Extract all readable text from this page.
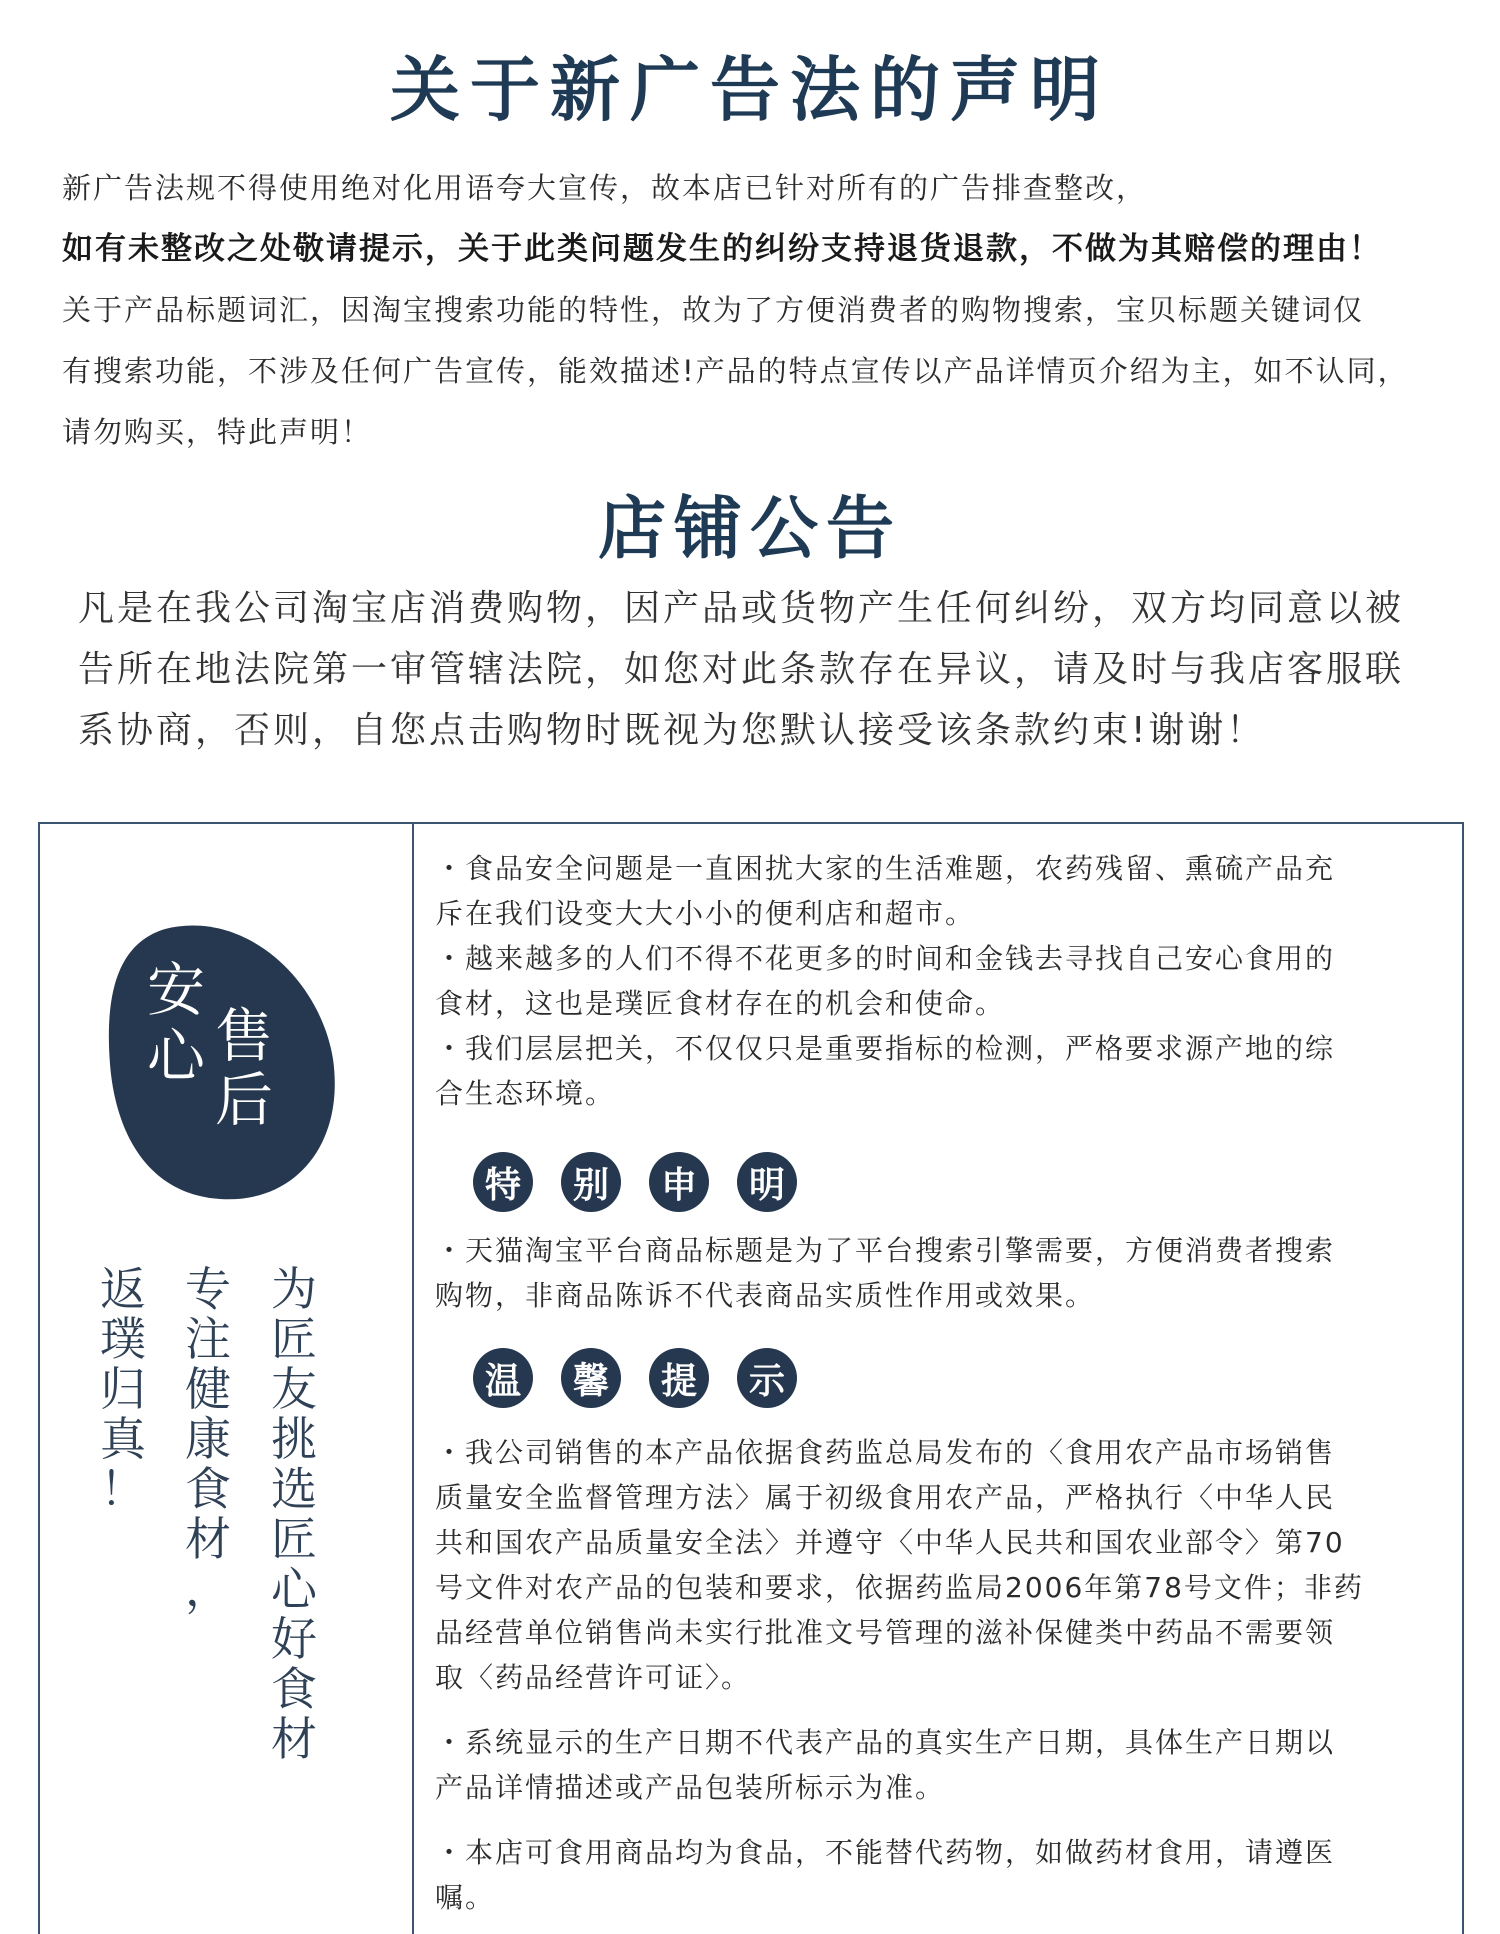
关于新广告法的声明

新广告法规不得使用绝对化用语夸大宣传，故本店已针对所有的广告排查整改，

如有未整改之处敬请提示，关于此类问题发生的纠纷支持退货退款，不做为其赔偿的理由！

关于产品标题词汇，因淘宝搜索功能的特性，故为了方便消费者的购物搜索，宝贝标题关键词仅

有搜索功能，不涉及任何广告宣传，能效描述!产品的特点宣传以产品详情页介绍为主，如不认同，

请勿购买，特此声明！

店铺公告

凡是在我公司淘宝店消费购物，因产品或货物产生任何纠纷，双方均同意以被

告所在地法院第一审管辖法院，如您对此条款存在异议，请及时与我店客服联

系协商，否则，自您点击购物时既视为您默认接受该条款约束!谢谢！

安
心 售
后
为
匠
友
挑
选
匠
心
好
食
材
专
注
健
康
食
材
，
返
璞
归
真
！

・食品安全问题是一直困扰大家的生活难题，农药残留、熏硫产品充

斥在我们设变大大小小的便利店和超市。

・越来越多的人们不得不花更多的时间和金钱去寻找自己安心食用的

食材，这也是璞匠食材存在的机会和使命。

・我们层层把关，不仅仅只是重要指标的检测，严格要求源产地的综

合生态环境。

特	别	申	明

・天猫淘宝平台商品标题是为了平台搜索引擎需要，方便消费者搜索

购物，非商品陈诉不代表商品实质性作用或效果。

温	馨	提	示

・我公司销售的本产品依据食药监总局发布的〈食用农产品市场销售

质量安全监督管理方法〉属于初级食用农产品，严格执行〈中华人民

共和国农产品质量安全法〉并遵守〈中华人民共和国农业部令〉第70

号文件对农产品的包装和要求，依据药监局2006年第78号文件；非药

品经营单位销售尚未实行批准文号管理的滋补保健类中药品不需要领

取〈药品经营许可证〉。

・系统显示的生产日期不代表产品的真实生产日期，具体生产日期以

产品详情描述或产品包装所标示为准。

・本店可食用商品均为食品，不能替代药物，如做药材食用，请遵医

嘱。
